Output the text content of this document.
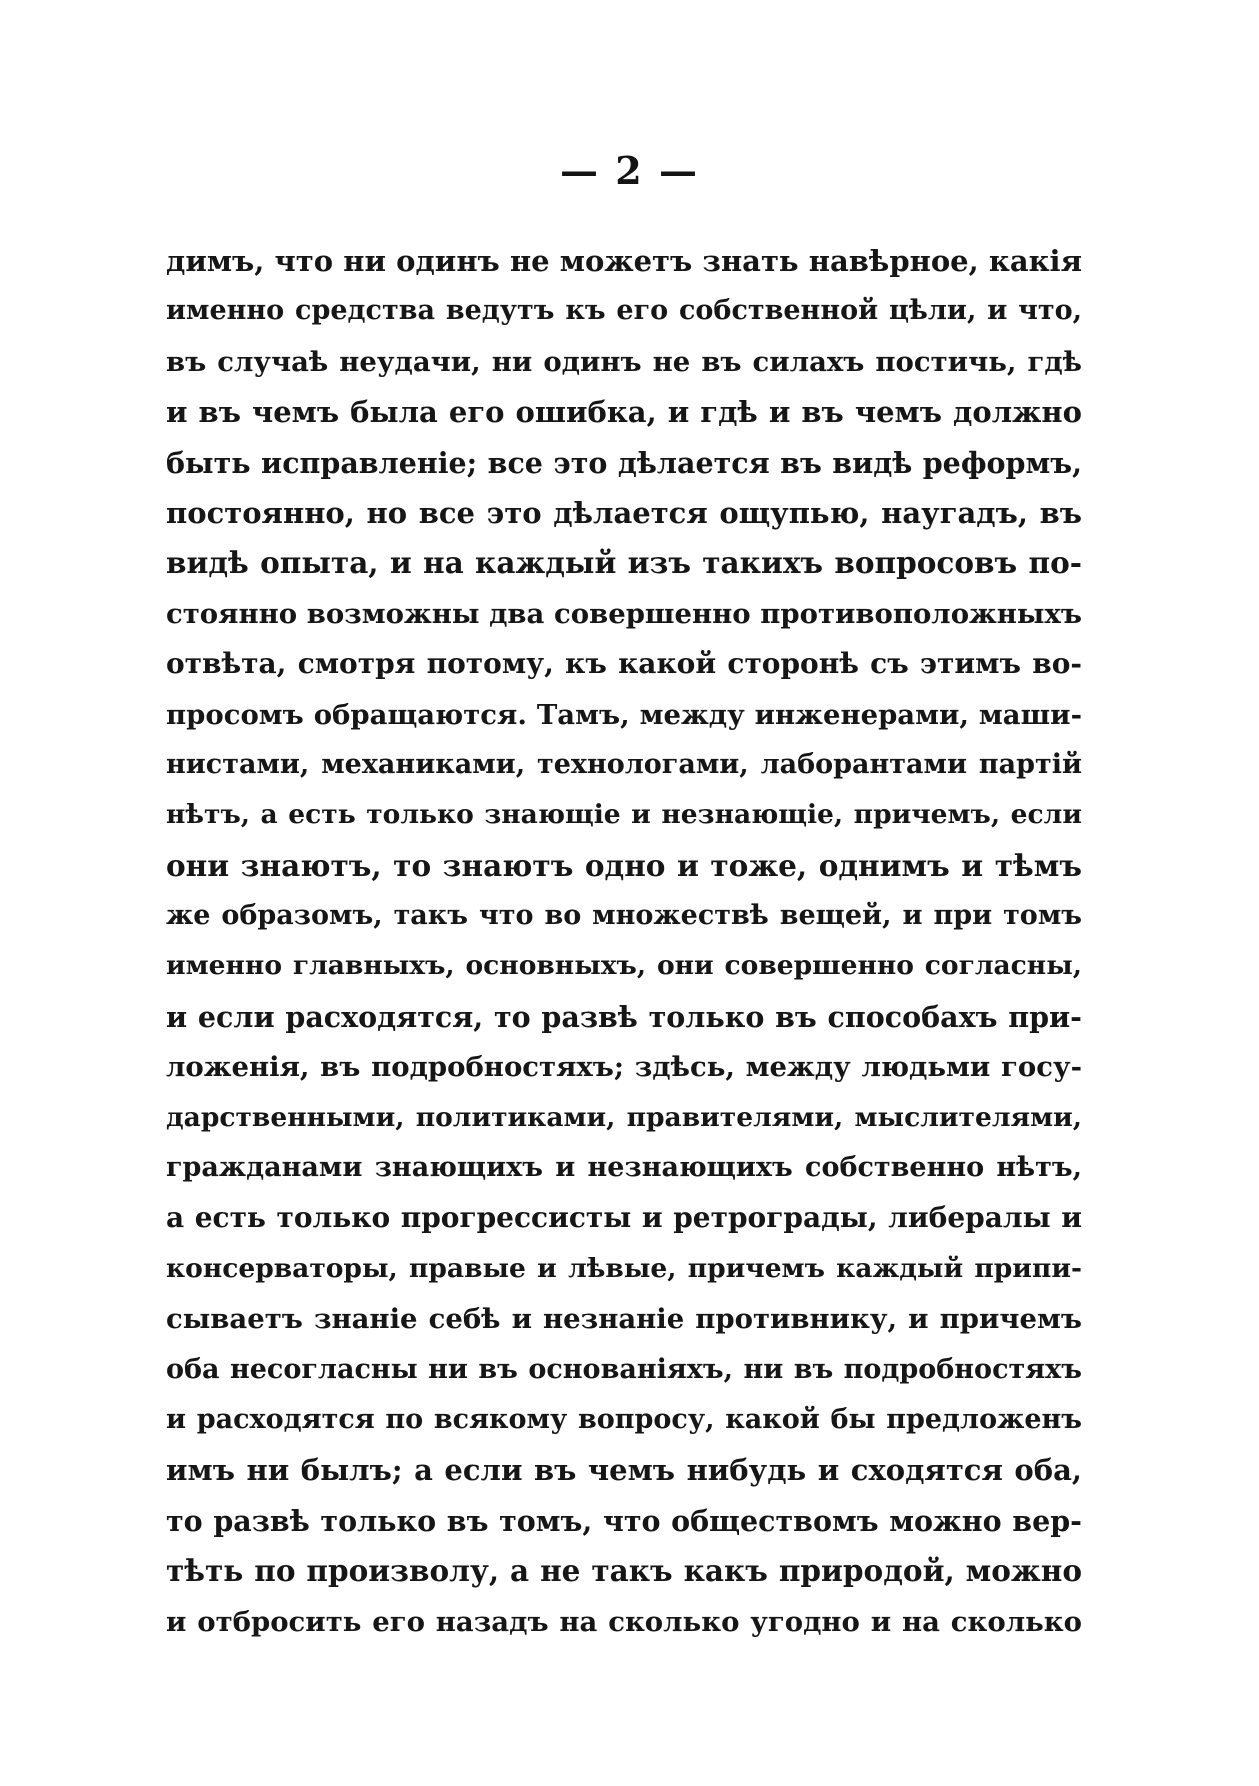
— 2 —
димъ, что ни одинъ не можетъ знать навѣрное, какія
именно средства ведутъ къ его собственной цѣли, и что,
въ случаѣ неудачи, ни одинъ не въ силахъ постичь, гдѣ
и въ чемъ была его ошибка, и гдѣ и въ чемъ должно
быть исправленіе; все это дѣлается въ видѣ реформъ,
постоянно, но все это дѣлается ощупью, наугадъ, въ
видѣ опыта, и на каждый изъ такихъ вопросовъ по-
стоянно возможны два совершенно противоположныхъ
отвѣта, смотря потому, къ какой сторонѣ съ этимъ во-
просомъ обращаются. Тамъ, между инженерами, маши-
нистами, механиками, технологами, лаборантами партій
нѣтъ, а есть только знающіе и незнающіе, причемъ, если
они знаютъ, то знаютъ одно и тоже, однимъ и тѣмъ
же образомъ, такъ что во множествѣ вещей, и при томъ
именно главныхъ, основныхъ, они совершенно согласны,
и если расходятся, то развѣ только въ способахъ при-
ложенія, въ подробностяхъ; здѣсь, между людьми госу-
дарственными, политиками, правителями, мыслителями,
гражданами знающихъ и незнающихъ собственно нѣтъ,
а есть только прогрессисты и ретрограды, либералы и
консерваторы, правые и лѣвые, причемъ каждый припи-
сываетъ знаніе себѣ и незнаніе противнику, и причемъ
оба несогласны ни въ основаніяхъ, ни въ подробностяхъ
и расходятся по всякому вопросу, какой бы предложенъ
имъ ни былъ; а если въ чемъ нибудь и сходятся оба,
то развѣ только въ томъ, что обществомъ можно вер-
тѣть по произволу, а не такъ какъ природой, можно
и отбросить его назадъ на сколько угодно и на сколько
